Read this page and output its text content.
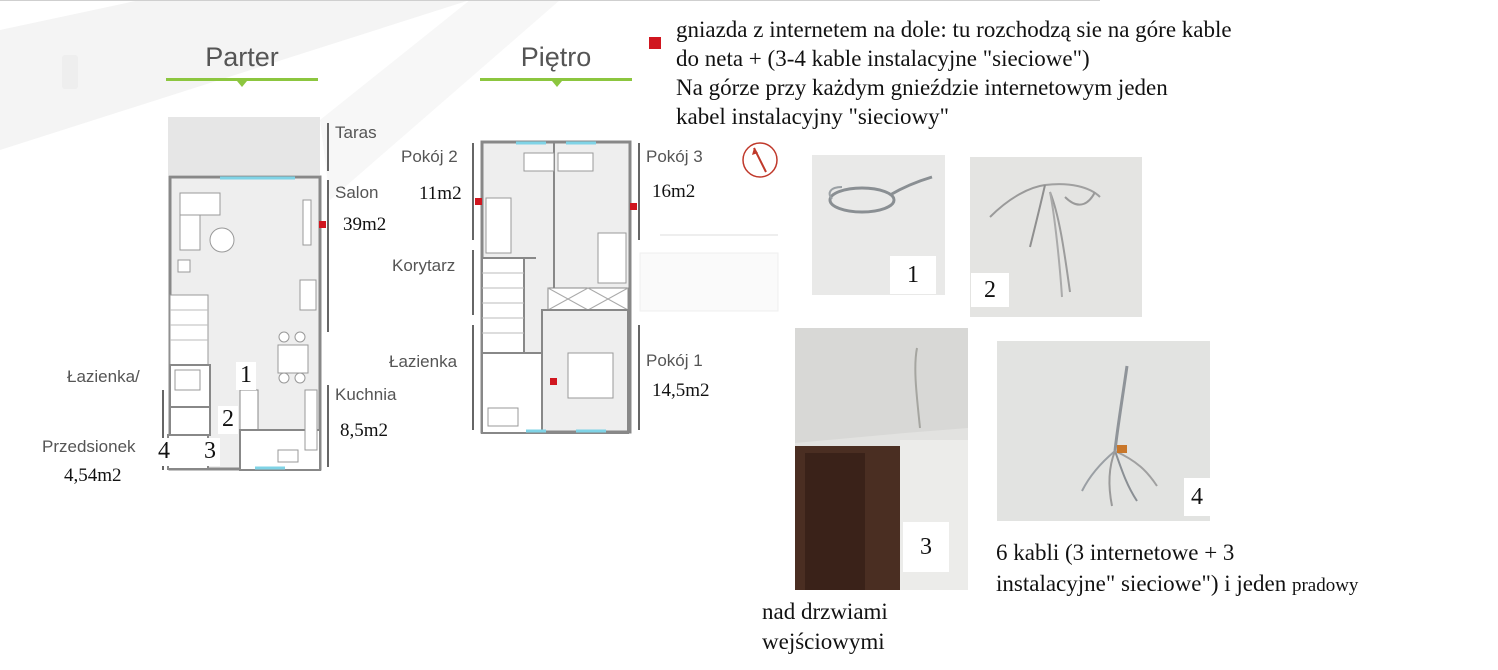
Parter
Taras
Salon
39m2
Łazienka/
Przedsionek
4,54m2
Kuchnia
8,5m2
1
2
3
4
Piętro
Pokój 2
11m2
Pokój 3
16m2
Korytarz
Łazienka	Pokój 1
14,5m2
gniazda z internetem na dole: tu rozchodzą sie na góre kable
do neta + (3-4 kable instalacyjne "sieciowe")
Na górze przy każdym gnieździe internetowym jeden
kabel instalacyjny "sieciowy"
1
2
3
nad drzwiami
wejściowymi
4
6 kabli (3 internetowe + 3
instalacyjne" sieciowe") i jeden pradowy
